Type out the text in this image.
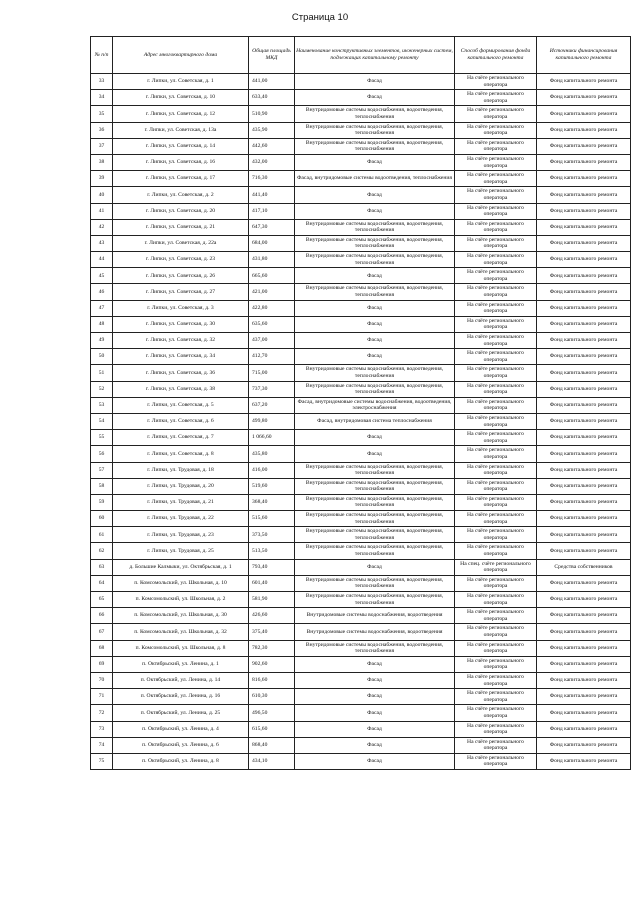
Страница 10
№ п/п	Адрес многоквартирного дома	Общая площадь МКД	Наименование конструктивных элементов, инженерных систем, подлежащих капитальному ремонту	Способ формирования фонда капитального ремонта	Источники финансирования капитального ремонта
33	г. Липки, ул. Советская, д. 1	441,00	Фасад	На счёте регионального оператора	Фонд капитального ремонта
34	г. Липки, ул. Советская, д. 10	633,40	Фасад	На счёте регионального оператора	Фонд капитального ремонта
35	г. Липки, ул. Советская, д. 12	510,90	Внутридомовые системы водоснабжения, водоотведения, теплоснабжения	На счёте регионального оператора	Фонд капитального ремонта
36	г. Липки, ул. Советская, д. 13а	435,90	Внутридомовые системы водоснабжения, водоотведения, теплоснабжения	На счёте регионального оператора	Фонд капитального ремонта
37	г. Липки, ул. Советская, д. 14	442,60	Внутридомовые системы водоснабжения, водоотведения, теплоснабжения	На счёте регионального оператора	Фонд капитального ремонта
38	г. Липки, ул. Советская, д. 16	432,00	Фасад	На счёте регионального оператора	Фонд капитального ремонта
39	г. Липки, ул. Советская, д. 17	716,30	Фасад, внутридомовые системы водоотведения, теплоснабжения	На счёте регионального оператора	Фонд капитального ремонта
40	г. Липки, ул. Советская, д. 2	441,40	Фасад	На счёте регионального оператора	Фонд капитального ремонта
41	г. Липки, ул. Советская, д. 20	417,10	Фасад	На счёте регионального оператора	Фонд капитального ремонта
42	г. Липки, ул. Советская, д. 21	647,30	Внутридомовые системы водоснабжения, водоотведения, теплоснабжения	На счёте регионального оператора	Фонд капитального ремонта
43	г. Липки, ул. Советская, д. 22а	684,00	Внутридомовые системы водоснабжения, водоотведения, теплоснабжения	На счёте регионального оператора	Фонд капитального ремонта
44	г. Липки, ул. Советская, д. 23	431,80	Внутридомовые системы водоснабжения, водоотведения, теплоснабжения	На счёте регионального оператора	Фонд капитального ремонта
45	г. Липки, ул. Советская, д. 26	665,60	Фасад	На счёте регионального оператора	Фонд капитального ремонта
46	г. Липки, ул. Советская, д. 27	421,00	Внутридомовые системы водоснабжения, водоотведения, теплоснабжения	На счёте регионального оператора	Фонд капитального ремонта
47	г. Липки, ул. Советская, д. 3	422,80	Фасад	На счёте регионального оператора	Фонд капитального ремонта
48	г. Липки, ул. Советская, д. 30	635,60	Фасад	На счёте регионального оператора	Фонд капитального ремонта
49	г. Липки, ул. Советская, д. 32	437,00	Фасад	На счёте регионального оператора	Фонд капитального ремонта
50	г. Липки, ул. Советская, д. 34	412,70	Фасад	На счёте регионального оператора	Фонд капитального ремонта
51	г. Липки, ул. Советская, д. 36	715,00	Внутридомовые системы водоснабжения, водоотведения, теплоснабжения	На счёте регионального оператора	Фонд капитального ремонта
52	г. Липки, ул. Советская, д. 38	737,30	Внутридомовые системы водоснабжения, водоотведения, теплоснабжения	На счёте регионального оператора	Фонд капитального ремонта
53	г. Липки, ул. Советская, д. 5	637,20	Фасад, внутридомовые системы водоснабжения, водоотведения, электроснабжения	На счёте регионального оператора	Фонд капитального ремонта
54	г. Липки, ул. Советская, д. 6	499,80	Фасад, внутридомовая система теплоснабжения	На счёте регионального оператора	Фонд капитального ремонта
55	г. Липки, ул. Советская, д. 7	1 066,60	Фасад	На счёте регионального оператора	Фонд капитального ремонта
56	г. Липки, ул. Советская, д. 8	435,80	Фасад	На счёте регионального оператора	Фонд капитального ремонта
57	г. Липки, ул. Трудовая, д. 18	416,00	Внутридомовые системы водоснабжения, водоотведения, теплоснабжения	На счёте регионального оператора	Фонд капитального ремонта
58	г. Липки, ул. Трудовая, д. 20	519,60	Внутридомовые системы водоснабжения, водоотведения, теплоснабжения	На счёте регионального оператора	Фонд капитального ремонта
59	г. Липки, ул. Трудовая, д. 21	368,40	Внутридомовые системы водоснабжения, водоотведения, теплоснабжения	На счёте регионального оператора	Фонд капитального ремонта
60	г. Липки, ул. Трудовая, д. 22	515,60	Внутридомовые системы водоснабжения, водоотведения, теплоснабжения	На счёте регионального оператора	Фонд капитального ремонта
61	г. Липки, ул. Трудовая, д. 23	373,50	Внутридомовые системы водоснабжения, водоотведения, теплоснабжения	На счёте регионального оператора	Фонд капитального ремонта
62	г. Липки, ул. Трудовая, д. 25	513,50	Внутридомовые системы водоснабжения, водоотведения, теплоснабжения	На счёте регионального оператора	Фонд капитального ремонта
63	д. Большие Калмыки, ул. Октябрьская, д. 1	793,40	Фасад	На спец. счёте регионального оператора	Средства собственников
64	п. Комсомольский, ул. Школьная, д. 10	601,40	Внутридомовые системы водоснабжения, водоотведения, теплоснабжения	На счёте регионального оператора	Фонд капитального ремонта
65	п. Комсомольский, ул. Школьная, д. 2	581,90	Внутридомовые системы водоснабжения, водоотведения, теплоснабжения	На счёте регионального оператора	Фонд капитального ремонта
66	п. Комсомольский, ул. Школьная, д. 30	426,60	Внутридомовые системы водоснабжения, водоотведения	На счёте регионального оператора	Фонд капитального ремонта
67	п. Комсомольский, ул. Школьная, д. 32	375,40	Внутридомовые системы водоснабжения, водоотведения	На счёте регионального оператора	Фонд капитального ремонта
68	п. Комсомольский, ул. Школьная, д. 8	782,30	Внутридомовые системы водоснабжения, водоотведения, теплоснабжения	На счёте регионального оператора	Фонд капитального ремонта
69	п. Октябрьский, ул. Ленина, д. 1	902,60	Фасад	На счёте регионального оператора	Фонд капитального ремонта
70	п. Октябрьский, ул. Ленина, д. 14	816,60	Фасад	На счёте регионального оператора	Фонд капитального ремонта
71	п. Октябрьский, ул. Ленина, д. 16	610,30	Фасад	На счёте регионального оператора	Фонд капитального ремонта
72	п. Октябрьский, ул. Ленина, д. 25	496,50	Фасад	На счёте регионального оператора	Фонд капитального ремонта
73	п. Октябрьский, ул. Ленина, д. 4	615,60	Фасад	На счёте регионального оператора	Фонд капитального ремонта
74	п. Октябрьский, ул. Ленина, д. 6	868,40	Фасад	На счёте регионального оператора	Фонд капитального ремонта
75	п. Октябрьский, ул. Ленина, д. 8	434,10	Фасад	На счёте регионального оператора	Фонд капитального ремонта
